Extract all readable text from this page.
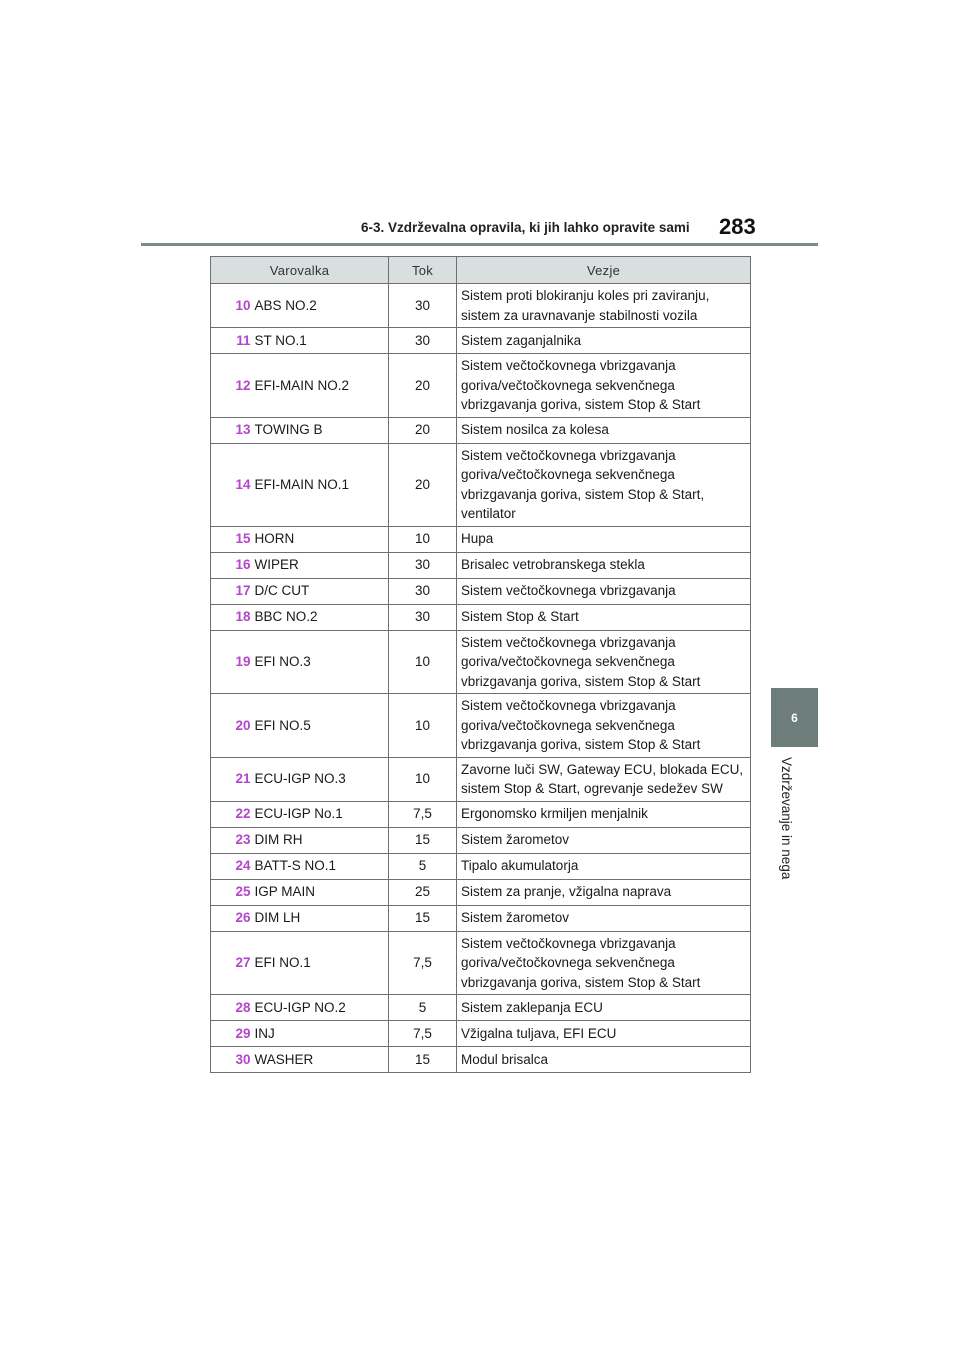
6-3. Vzdrževalna opravila, ki jih lahko opravite sami	283
6
Vzdrževanje in nega
Varovalka		Tok	Vezje
10	ABS NO.2	30	Sistem proti blokiranju koles pri zaviranju, sistem za uravnavanje stabilnosti vozila
11	ST NO.1	30	Sistem zaganjalnika
12	EFI-MAIN NO.2	20	Sistem večtočkovnega vbrizgavanja goriva/večtočkovnega sekvenčnega vbrizgavanja goriva, sistem Stop & Start
13	TOWING B	20	Sistem nosilca za kolesa
14	EFI-MAIN NO.1	20	Sistem večtočkovnega vbrizgavanja goriva/večtočkovnega sekvenčnega vbrizgavanja goriva, sistem Stop & Start, ventilator
15	HORN	10	Hupa
16	WIPER	30	Brisalec vetrobranskega stekla
17	D/C CUT	30	Sistem večtočkovnega vbrizgavanja
18	BBC NO.2	30	Sistem Stop & Start
19	EFI NO.3	10	Sistem večtočkovnega vbrizgavanja goriva/večtočkovnega sekvenčnega vbrizgavanja goriva, sistem Stop & Start
20	EFI NO.5	10	Sistem večtočkovnega vbrizgavanja goriva/večtočkovnega sekvenčnega vbrizgavanja goriva, sistem Stop & Start
21	ECU-IGP NO.3	10	Zavorne luči SW, Gateway ECU, blokada ECU, sistem Stop & Start, ogrevanje sedežev SW
22	ECU-IGP No.1	7,5	Ergonomsko krmiljen menjalnik
23	DIM RH	15	Sistem žarometov
24	BATT-S NO.1	5	Tipalo akumulatorja
25	IGP MAIN	25	Sistem za pranje, vžigalna naprava
26	DIM LH	15	Sistem žarometov
27	EFI NO.1	7,5	Sistem večtočkovnega vbrizgavanja goriva/večtočkovnega sekvenčnega vbrizgavanja goriva, sistem Stop & Start
28	ECU-IGP NO.2	5	Sistem zaklepanja ECU
29	INJ	7,5	Vžigalna tuljava, EFI ECU
30	WASHER	15	Modul brisalca
